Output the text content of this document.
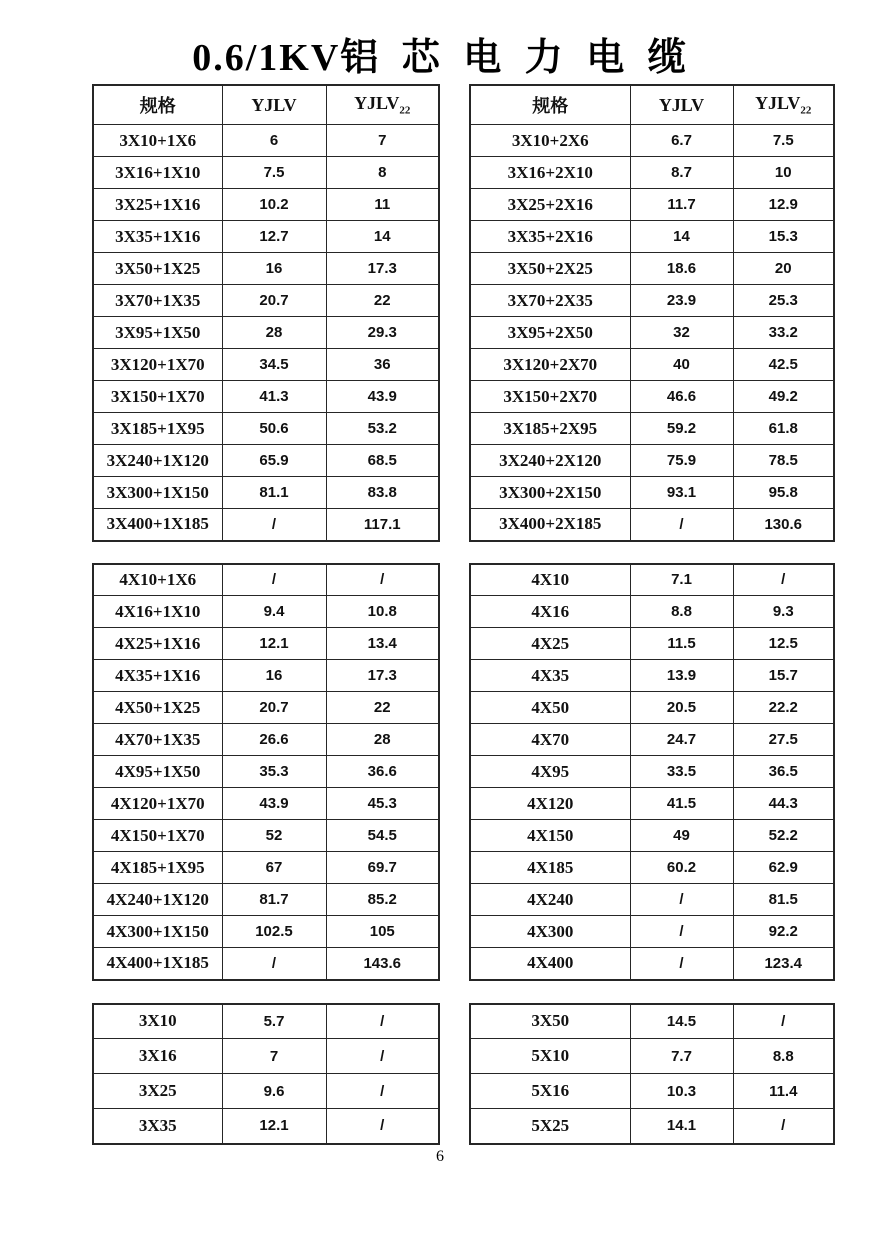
0.6/1KV铝 芯 电 力 电 缆
规格	YJLV	$YJLV_{22}$
3X10+1X6	6	7
3X16+1X10	7.5	8
3X25+1X16	10.2	11
3X35+1X16	12.7	14
3X50+1X25	16	17.3
3X70+1X35	20.7	22
3X95+1X50	28	29.3
3X120+1X70	34.5	36
3X150+1X70	41.3	43.9
3X185+1X95	50.6	53.2
3X240+1X120	65.9	68.5
3X300+1X150	81.1	83.8
3X400+1X185	/	117.1
4X10+1X6	/	/
4X16+1X10	9.4	10.8
4X25+1X16	12.1	13.4
4X35+1X16	16	17.3
4X50+1X25	20.7	22
4X70+1X35	26.6	28
4X95+1X50	35.3	36.6
4X120+1X70	43.9	45.3
4X150+1X70	52	54.5
4X185+1X95	67	69.7
4X240+1X120	81.7	85.2
4X300+1X150	102.5	105
4X400+1X185	/	143.6
3X10	5.7	/
3X16	7	/
3X25	9.6	/
3X35	12.1	/
规格	YJLV	$YJLV_{22}$
3X10+2X6	6.7	7.5
3X16+2X10	8.7	10
3X25+2X16	11.7	12.9
3X35+2X16	14	15.3
3X50+2X25	18.6	20
3X70+2X35	23.9	25.3
3X95+2X50	32	33.2
3X120+2X70	40	42.5
3X150+2X70	46.6	49.2
3X185+2X95	59.2	61.8
3X240+2X120	75.9	78.5
3X300+2X150	93.1	95.8
3X400+2X185	/	130.6
4X10	7.1	/
4X16	8.8	9.3
4X25	11.5	12.5
4X35	13.9	15.7
4X50	20.5	22.2
4X70	24.7	27.5
4X95	33.5	36.5
4X120	41.5	44.3
4X150	49	52.2
4X185	60.2	62.9
4X240	/	81.5
4X300	/	92.2
4X400	/	123.4
3X50	14.5	/
5X10	7.7	8.8
5X16	10.3	11.4
5X25	14.1	/
6
